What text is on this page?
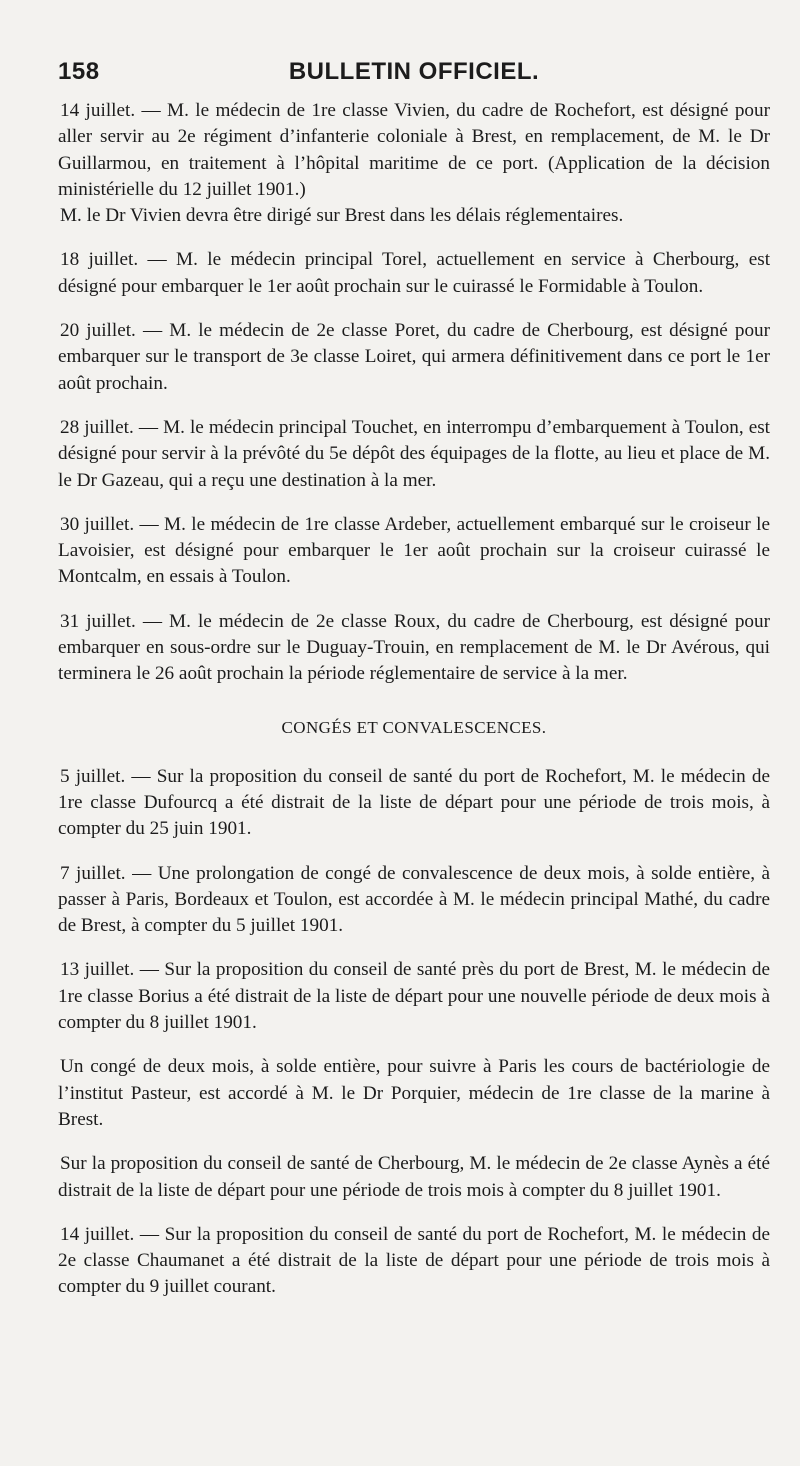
158	BULLETIN OFFICIEL.

14 juillet. — M. le médecin de 1re classe Vivien, du cadre de Rochefort, est désigné pour aller servir au 2e régiment d’infanterie coloniale à Brest, en remplacement, de M. le Dr Guillarmou, en traitement à l’hôpital maritime de ce port. (Application de la décision ministérielle du 12 juillet 1901.)

M. le Dr Vivien devra être dirigé sur Brest dans les délais réglementaires.

18 juillet. — M. le médecin principal Torel, actuellement en service à Cherbourg, est désigné pour embarquer le 1er août prochain sur le cuirassé le Formidable à Toulon.

20 juillet. — M. le médecin de 2e classe Poret, du cadre de Cherbourg, est désigné pour embarquer sur le transport de 3e classe Loiret, qui armera définitivement dans ce port le 1er août prochain.

28 juillet. — M. le médecin principal Touchet, en interrompu d’embarquement à Toulon, est désigné pour servir à la prévôté du 5e dépôt des équipages de la flotte, au lieu et place de M. le Dr Gazeau, qui a reçu une destination à la mer.

30 juillet. — M. le médecin de 1re classe Ardeber, actuellement embarqué sur le croiseur le Lavoisier, est désigné pour embarquer le 1er août prochain sur la croiseur cuirassé le Montcalm, en essais à Toulon.

31 juillet. — M. le médecin de 2e classe Roux, du cadre de Cherbourg, est désigné pour embarquer en sous-ordre sur le Duguay-Trouin, en remplacement de M. le Dr Avérous, qui terminera le 26 août prochain la période réglementaire de service à la mer.

CONGÉS ET CONVALESCENCES.

5 juillet. — Sur la proposition du conseil de santé du port de Rochefort, M. le médecin de 1re classe Dufourcq a été distrait de la liste de départ pour une période de trois mois, à compter du 25 juin 1901.

7 juillet. — Une prolongation de congé de convalescence de deux mois, à solde entière, à passer à Paris, Bordeaux et Toulon, est accordée à M. le médecin principal Mathé, du cadre de Brest, à compter du 5 juillet 1901.

13 juillet. — Sur la proposition du conseil de santé près du port de Brest, M. le médecin de 1re classe Borius a été distrait de la liste de départ pour une nouvelle période de deux mois à compter du 8 juillet 1901.

Un congé de deux mois, à solde entière, pour suivre à Paris les cours de bactériologie de l’institut Pasteur, est accordé à M. le Dr Porquier, médecin de 1re classe de la marine à Brest.

Sur la proposition du conseil de santé de Cherbourg, M. le médecin de 2e classe Aynès a été distrait de la liste de départ pour une période de trois mois à compter du 8 juillet 1901.

14 juillet. — Sur la proposition du conseil de santé du port de Rochefort, M. le médecin de 2e classe Chaumanet a été distrait de la liste de départ pour une période de trois mois à compter du 9 juillet courant.
